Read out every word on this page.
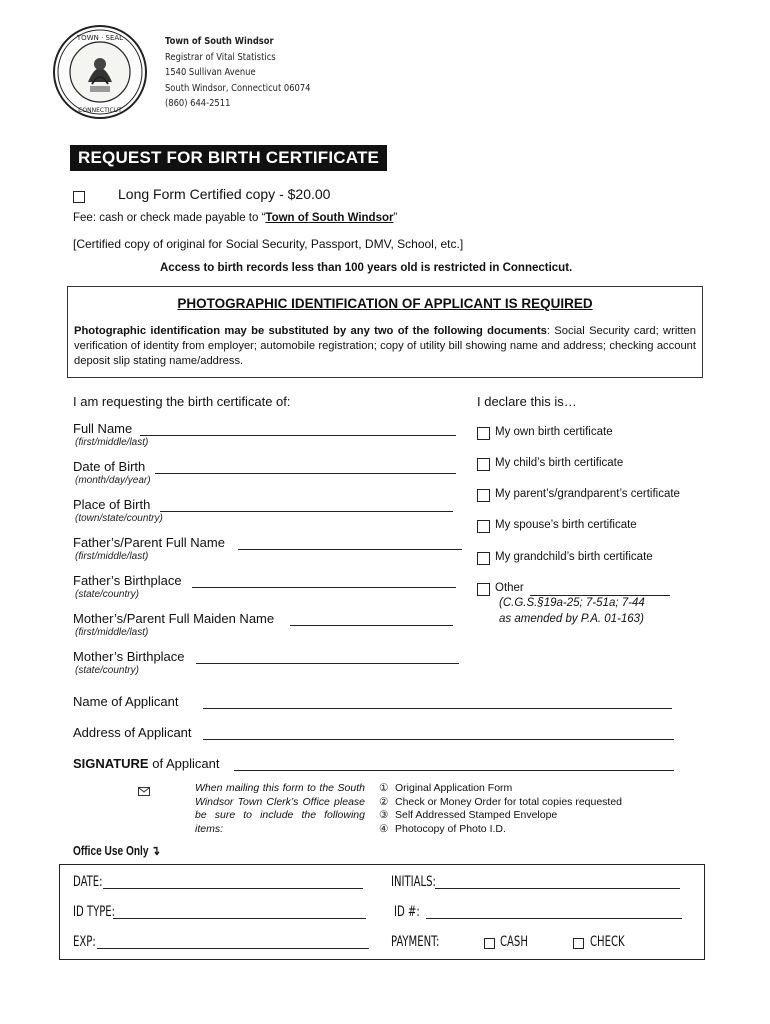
TOWN · SEAL
CONNECTICUT
Town of South Windsor
Registrar of Vital Statistics
1540 Sullivan Avenue
South Windsor, Connecticut 06074
(860) 644-2511
REQUEST FOR BIRTH CERTIFICATE
Long Form Certified copy - $20.00
Fee: cash or check made payable to “Town of South Windsor”
[Certified copy of original for Social Security, Passport, DMV, School, etc.]
Access to birth records less than 100 years old is restricted in Connecticut.
PHOTOGRAPHIC IDENTIFICATION OF APPLICANT IS REQUIRED
Photographic identification may be substituted by any two of the following documents: Social Security card; written verification of identity from employer; automobile registration; copy of utility bill showing name and address; checking account deposit slip stating name/address.
I am requesting the birth certificate of:	I declare this is…
Full Name
(first/middle/last)
Date of Birth
(month/day/year)
Place of Birth
(town/state/country)
Father’s/Parent Full Name
(first/middle/last)
Father’s Birthplace
(state/country)
Mother’s/Parent Full Maiden Name
(first/middle/last)
Mother’s Birthplace
(state/country)
My own birth certificate
My child’s birth certificate
My parent’s/grandparent’s certificate
My spouse’s birth certificate
My grandchild’s birth certificate
Other
(C.G.S.§19a-25; 7-51a; 7-44
as amended by P.A. 01-163)
Name of Applicant
Address of Applicant
SIGNATURE of Applicant
When mailing this form to the South Windsor Town Clerk’s Office please be sure to include the following items:
① Original Application Form
② Check or Money Order for total copies requested
③ Self Addressed Stamped Envelope
④ Photocopy of Photo I.D.
Office Use Only ↴
DATE:	INITIALS:
ID TYPE:	ID #:
EXP:	PAYMENT:	CASH	CHECK
